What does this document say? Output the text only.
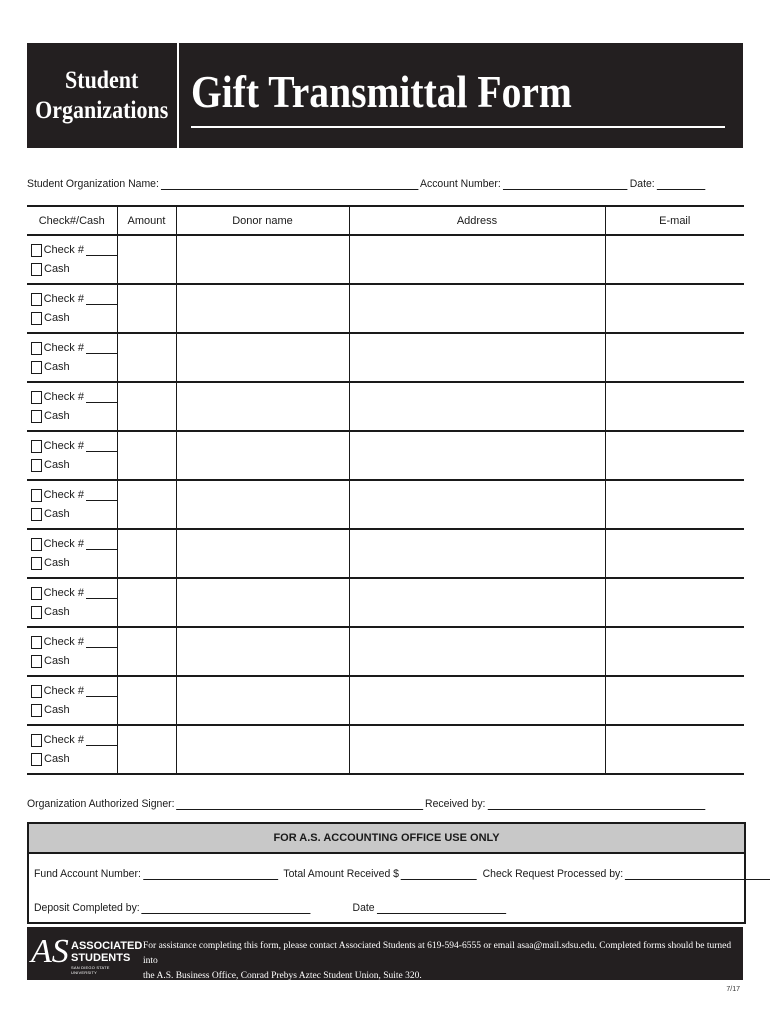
Student
Organizations Gift Transmittal Form
Student Organization Name:	Account Number:	Date:
Check#/Cash	Amount	Donor name	Address	E-mail

Check #
Cash				

Check #
Cash				

Check #
Cash				

Check #
Cash				

Check #
Cash				

Check #
Cash				

Check #
Cash				

Check #
Cash				

Check #
Cash				

Check #
Cash				

Check #
Cash				

Organization Authorized Signer:	Received by:
FOR A.S. ACCOUNTING OFFICE USE ONLY
Fund Account Number:	Total Amount Received $	Check Request Processed by:
Deposit Completed by:	Date
AS ASSOCIATED
STUDENTS
SAN DIEGO STATE UNIVERSITY
For assistance completing this form, please contact Associated Students at 619-594-6555 or email asaa@mail.sdsu.edu. Completed forms should be turned into
the A.S. Business Office, Conrad Prebys Aztec Student Union, Suite 320.
7/17
